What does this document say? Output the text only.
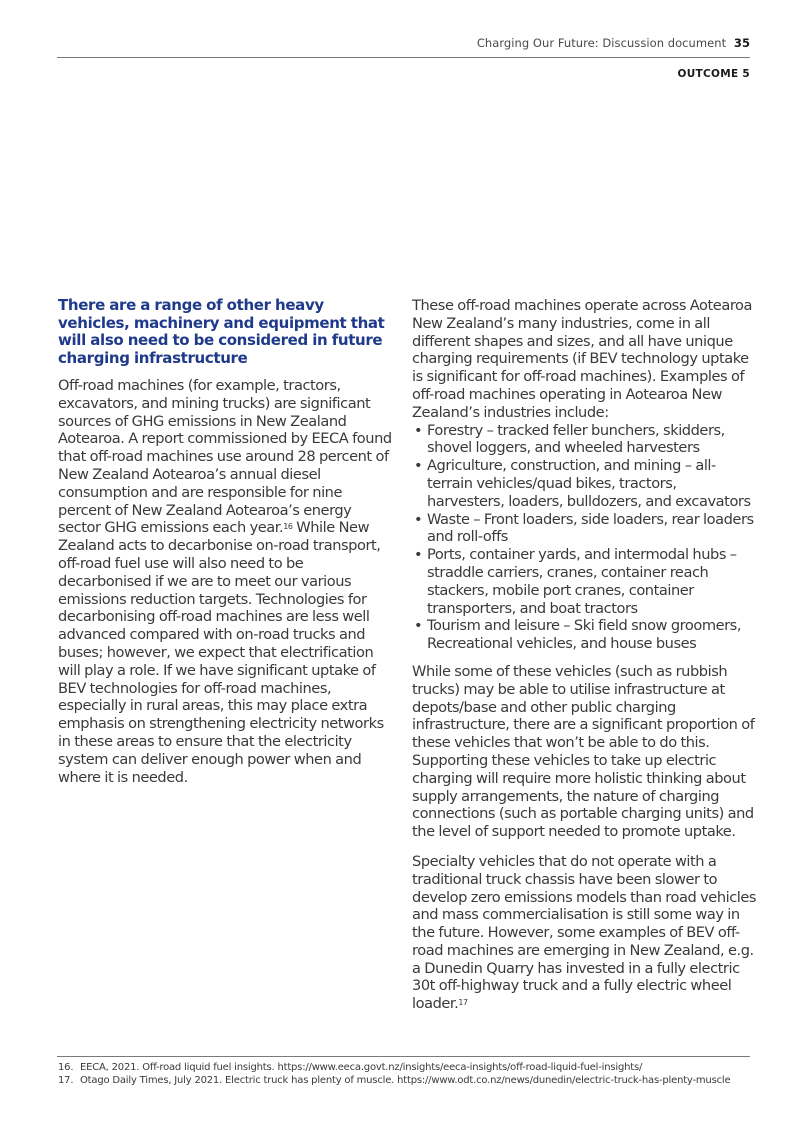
Charging Our Future: Discussion document 35
OUTCOME 5
There are a range of other heavy vehicles, machinery and equipment that will also need to be considered in future charging infrastructure

Off-road machines (for example, tractors, excavators, and mining trucks) are significant sources of GHG emissions in New Zealand Aotearoa. A report commissioned by EECA found that off-road machines use around 28 percent of New Zealand Aotearoa’s annual diesel consumption and are responsible for nine percent of New Zealand Aotearoa’s energy sector GHG emissions each year.$^{16}$ While New Zealand acts to decarbonise on-road transport, off-road fuel use will also need to be decarbonised if we are to meet our various emissions reduction targets. Technologies for decarbonising off-road machines are less well advanced compared with on-road trucks and buses; however, we expect that electrification will play a role. If we have significant uptake of BEV technologies for off-road machines, especially in rural areas, this may place extra emphasis on strengthening electricity networks in these areas to ensure that the electricity system can deliver enough power when and where it is needed.

These off-road machines operate across Aotearoa New Zealand’s many industries, come in all different shapes and sizes, and all have unique charging requirements (if BEV technology uptake is significant for off-road machines). Examples of off-road machines operating in Aotearoa New Zealand’s industries include:

• Forestry – tracked feller bunchers, skidders, shovel loggers, and wheeled harvesters
• Agriculture, construction, and mining – all-terrain vehicles/quad bikes, tractors, harvesters, loaders, bulldozers, and excavators
• Waste – Front loaders, side loaders, rear loaders and roll-offs
• Ports, container yards, and intermodal hubs – straddle carriers, cranes, container reach stackers, mobile port cranes, container transporters, and boat tractors
• Tourism and leisure – Ski field snow groomers, Recreational vehicles, and house buses

While some of these vehicles (such as rubbish trucks) may be able to utilise infrastructure at depots/base and other public charging infrastructure, there are a significant proportion of these vehicles that won’t be able to do this. Supporting these vehicles to take up electric charging will require more holistic thinking about supply arrangements, the nature of charging connections (such as portable charging units) and the level of support needed to promote uptake.

Specialty vehicles that do not operate with a traditional truck chassis have been slower to develop zero emissions models than road vehicles and mass commercialisation is still some way in the future. However, some examples of BEV off-road machines are emerging in New Zealand, e.g. a Dunedin Quarry has invested in a fully electric 30t off-highway truck and a fully electric wheel loader.$^{17}$

16. EECA, 2021. Off-road liquid fuel insights. https://www.eeca.govt.nz/insights/eeca-insights/off-road-liquid-fuel-insights/
17. Otago Daily Times, July 2021. Electric truck has plenty of muscle. https://www.odt.co.nz/news/dunedin/electric-truck-has-plenty-muscle
